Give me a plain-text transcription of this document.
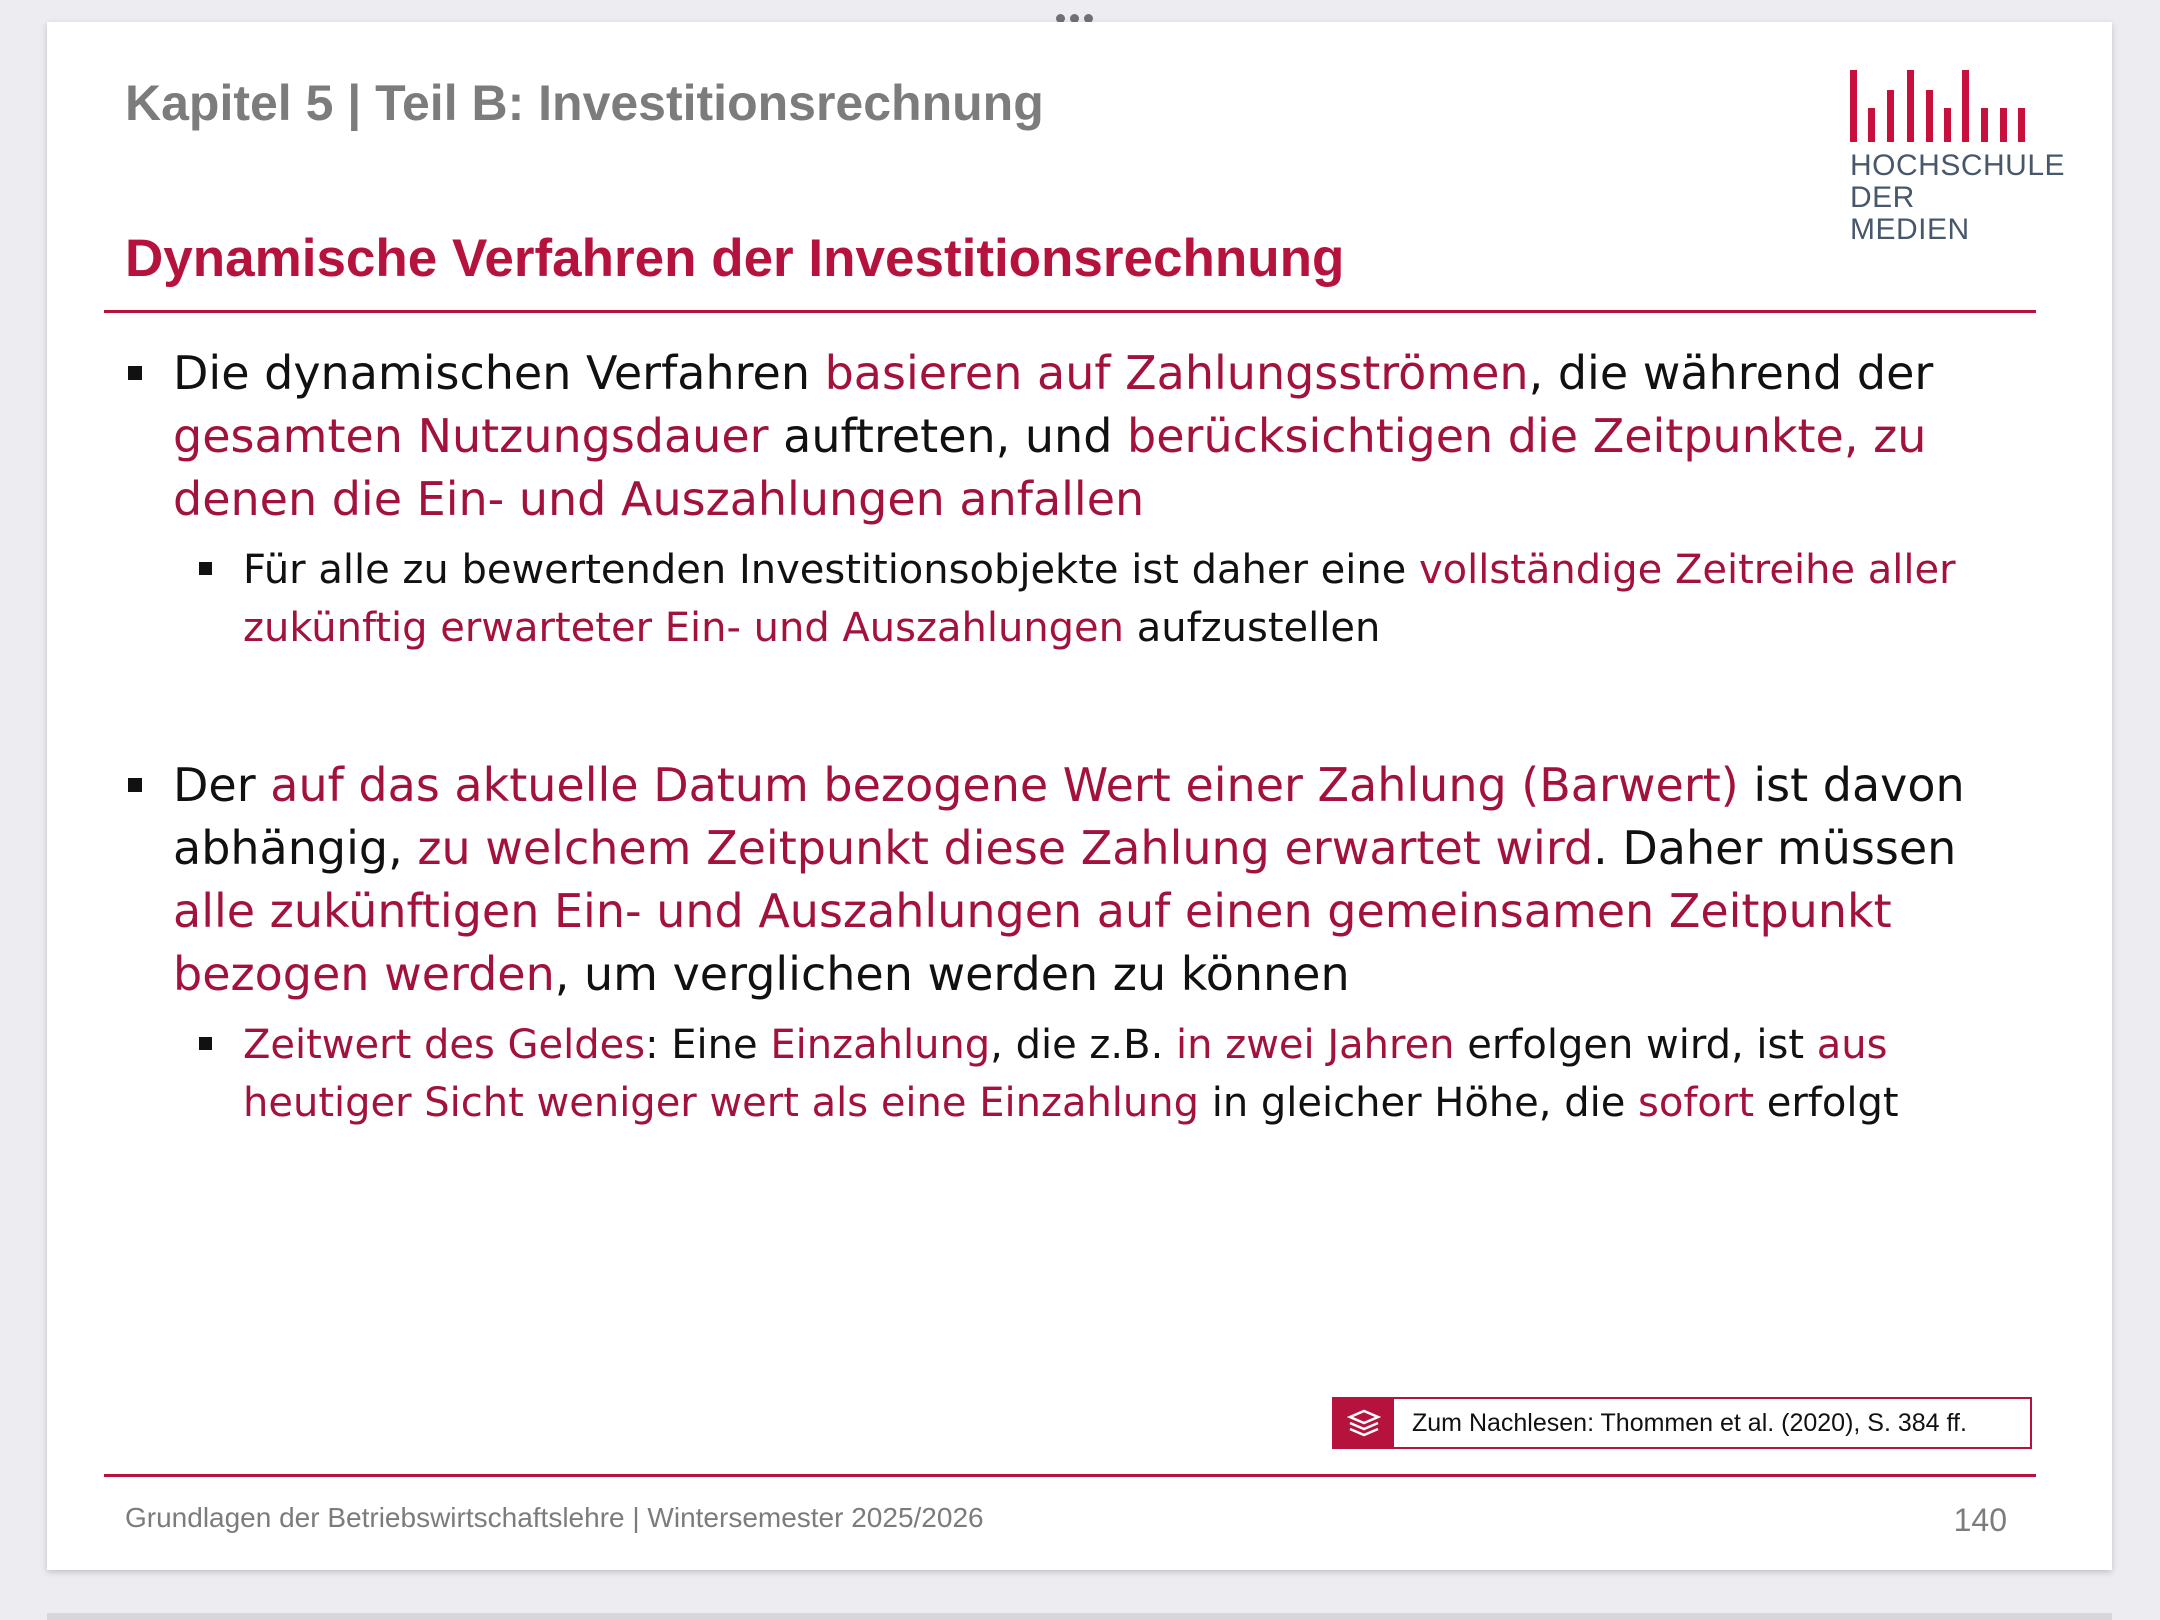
Kapitel 5 | Teil B: Investitionsrechnung
HOCHSCHULE
DER MEDIEN
Dynamische Verfahren der Investitionsrechnung
Die dynamischen Verfahren basieren auf Zahlungsströmen, die während der gesamten Nutzungsdauer auftreten, und berücksichtigen die Zeitpunkte, zu denen die Ein- und Auszahlungen anfallen
Für alle zu bewertenden Investitionsobjekte ist daher eine vollständige Zeitreihe aller zukünftig erwarteter Ein- und Auszahlungen aufzustellen
Der auf das aktuelle Datum bezogene Wert einer Zahlung (Barwert) ist davon abhängig, zu welchem Zeitpunkt diese Zahlung erwartet wird. Daher müssen alle zukünftigen Ein- und Auszahlungen auf einen gemeinsamen Zeitpunkt bezogen werden, um verglichen werden zu können
Zeitwert des Geldes: Eine Einzahlung, die z.B. in zwei Jahren erfolgen wird, ist aus heutiger Sicht weniger wert als eine Einzahlung in gleicher Höhe, die sofort erfolgt
Zum Nachlesen: Thommen et al. (2020), S. 384 ff.
Grundlagen der Betriebswirtschaftslehre | Wintersemester 2025/2026	140
